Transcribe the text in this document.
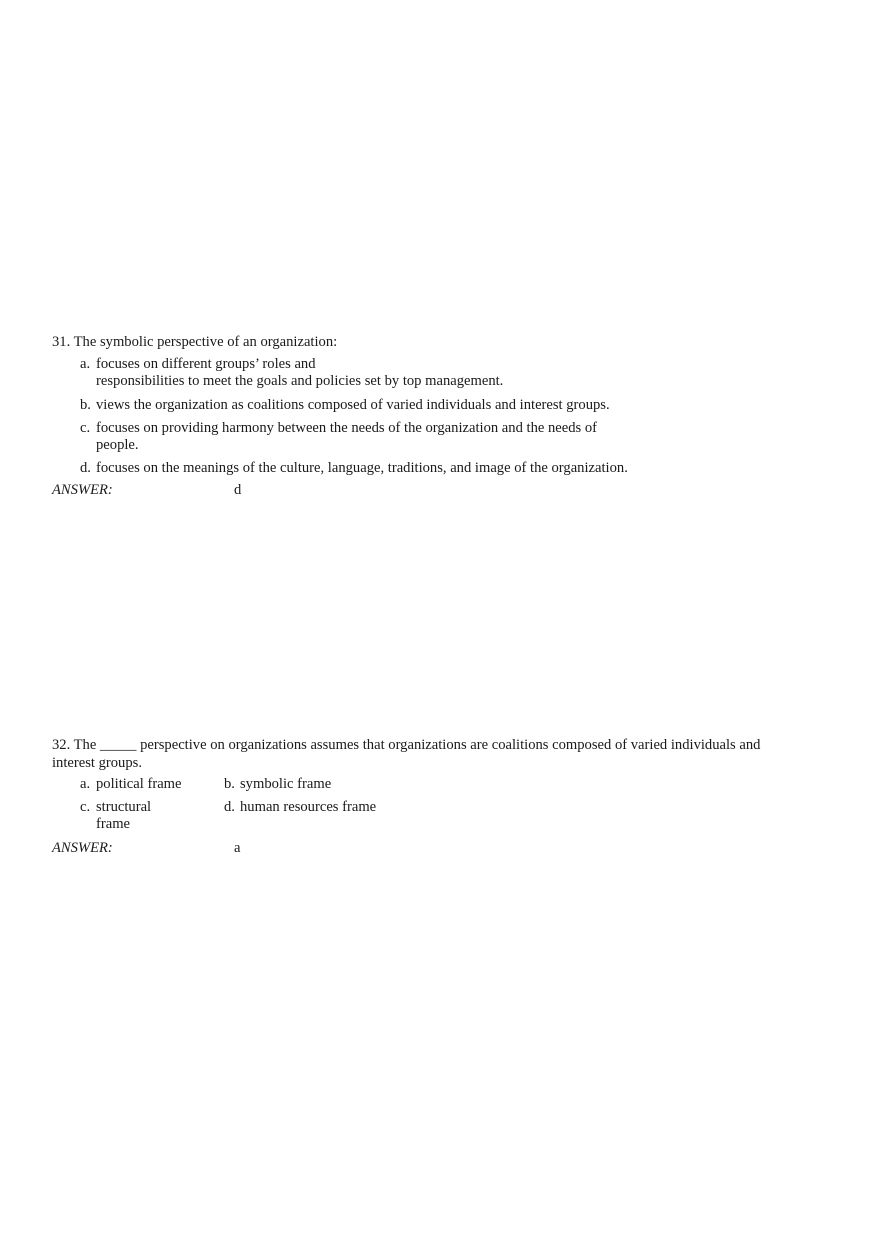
31. The symbolic perspective of an organization:
a. focuses on different groups’ roles and
responsibilities to meet the goals and policies set by top management.
b. views the organization as coalitions composed of varied individuals and interest groups.
c. focuses on providing harmony between the needs of the organization and the needs of
people.
d. focuses on the meanings of the culture, language, traditions, and image of the organization.
ANSWER:	d
32. The _____ perspective on organizations assumes that organizations are coalitions composed of varied individuals and
interest groups.
a. political frame	b. symbolic frame
c. structural
frame
d. human resources frame
ANSWER:	a
